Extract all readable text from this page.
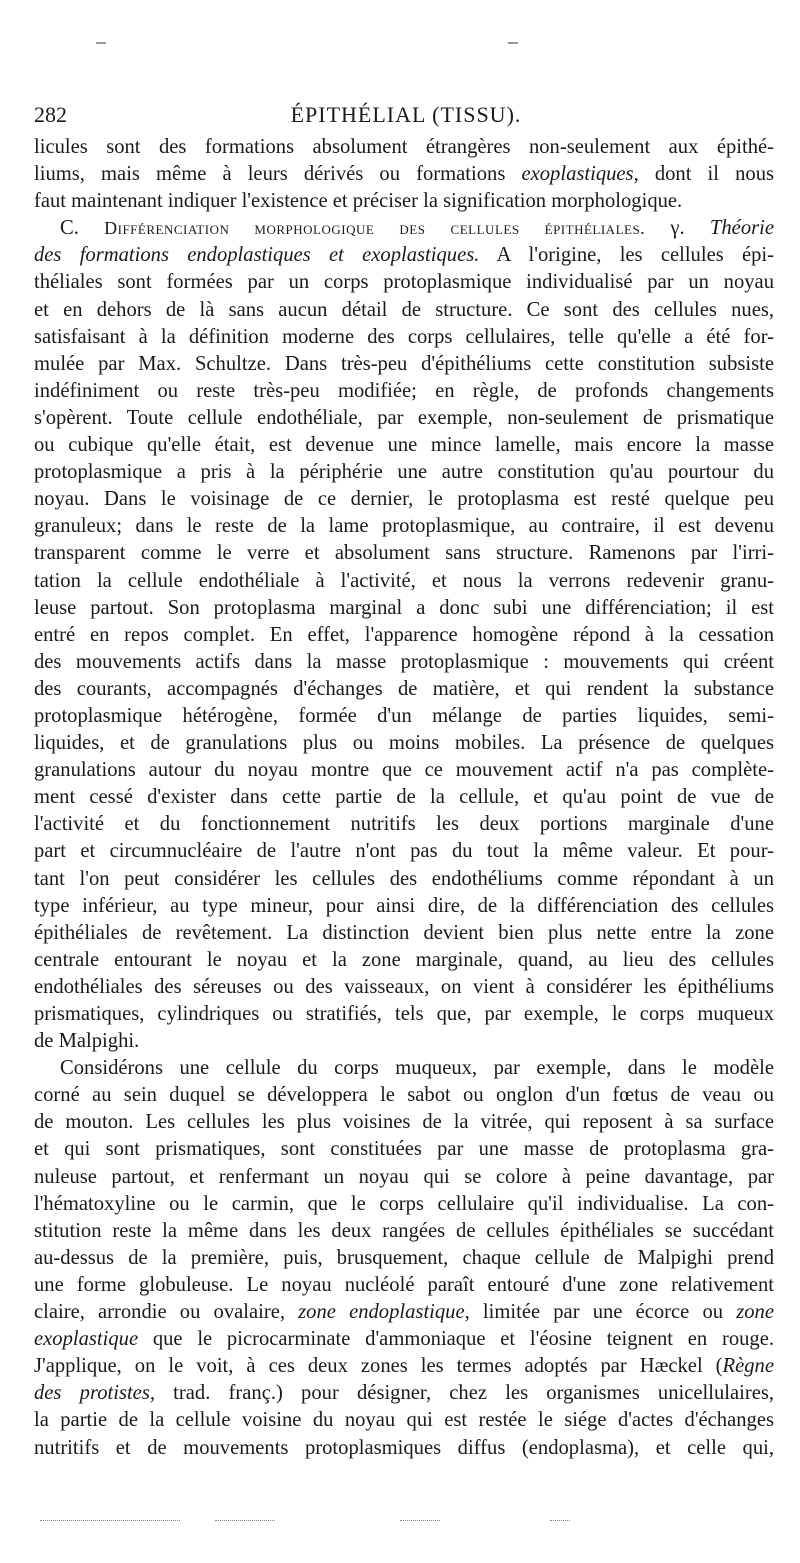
282	ÉPITHÉLIAL (TISSU).
licules sont des formations absolument étrangères non-seulement aux épithé-
liums, mais même à leurs dérivés ou formations exoplastiques, dont il nous
faut maintenant indiquer l'existence et préciser la signification morphologique.
C. Différenciation morphologique des cellules épithéliales. γ. Théorie
des formations endoplastiques et exoplastiques. A l'origine, les cellules épi-
théliales sont formées par un corps protoplasmique individualisé par un noyau
et en dehors de là sans aucun détail de structure. Ce sont des cellules nues,
satisfaisant à la définition moderne des corps cellulaires, telle qu'elle a été for-
mulée par Max. Schultze. Dans très-peu d'épithéliums cette constitution subsiste
indéfiniment ou reste très-peu modifiée; en règle, de profonds changements
s'opèrent. Toute cellule endothéliale, par exemple, non-seulement de prismatique
ou cubique qu'elle était, est devenue une mince lamelle, mais encore la masse
protoplasmique a pris à la périphérie une autre constitution qu'au pourtour du
noyau. Dans le voisinage de ce dernier, le protoplasma est resté quelque peu
granuleux; dans le reste de la lame protoplasmique, au contraire, il est devenu
transparent comme le verre et absolument sans structure. Ramenons par l'irri-
tation la cellule endothéliale à l'activité, et nous la verrons redevenir granu-
leuse partout. Son protoplasma marginal a donc subi une différenciation; il est
entré en repos complet. En effet, l'apparence homogène répond à la cessation
des mouvements actifs dans la masse protoplasmique : mouvements qui créent
des courants, accompagnés d'échanges de matière, et qui rendent la substance
protoplasmique hétérogène, formée d'un mélange de parties liquides, semi-
liquides, et de granulations plus ou moins mobiles. La présence de quelques
granulations autour du noyau montre que ce mouvement actif n'a pas complète-
ment cessé d'exister dans cette partie de la cellule, et qu'au point de vue de
l'activité et du fonctionnement nutritifs les deux portions marginale d'une
part et circumnucléaire de l'autre n'ont pas du tout la même valeur. Et pour-
tant l'on peut considérer les cellules des endothéliums comme répondant à un
type inférieur, au type mineur, pour ainsi dire, de la différenciation des cellules
épithéliales de revêtement. La distinction devient bien plus nette entre la zone
centrale entourant le noyau et la zone marginale, quand, au lieu des cellules
endothéliales des séreuses ou des vaisseaux, on vient à considérer les épithéliums
prismatiques, cylindriques ou stratifiés, tels que, par exemple, le corps muqueux
de Malpighi.
Considérons une cellule du corps muqueux, par exemple, dans le modèle
corné au sein duquel se développera le sabot ou onglon d'un fœtus de veau ou
de mouton. Les cellules les plus voisines de la vitrée, qui reposent à sa surface
et qui sont prismatiques, sont constituées par une masse de protoplasma gra-
nuleuse partout, et renfermant un noyau qui se colore à peine davantage, par
l'hématoxyline ou le carmin, que le corps cellulaire qu'il individualise. La con-
stitution reste la même dans les deux rangées de cellules épithéliales se succédant
au-dessus de la première, puis, brusquement, chaque cellule de Malpighi prend
une forme globuleuse. Le noyau nucléolé paraît entouré d'une zone relativement
claire, arrondie ou ovalaire, zone endoplastique, limitée par une écorce ou zone
exoplastique que le picrocarminate d'ammoniaque et l'éosine teignent en rouge.
J'applique, on le voit, à ces deux zones les termes adoptés par Hæckel (Règne
des protistes, trad. franç.) pour désigner, chez les organismes unicellulaires,
la partie de la cellule voisine du noyau qui est restée le siége d'actes d'échanges
nutritifs et de mouvements protoplasmiques diffus (endoplasma), et celle qui,
